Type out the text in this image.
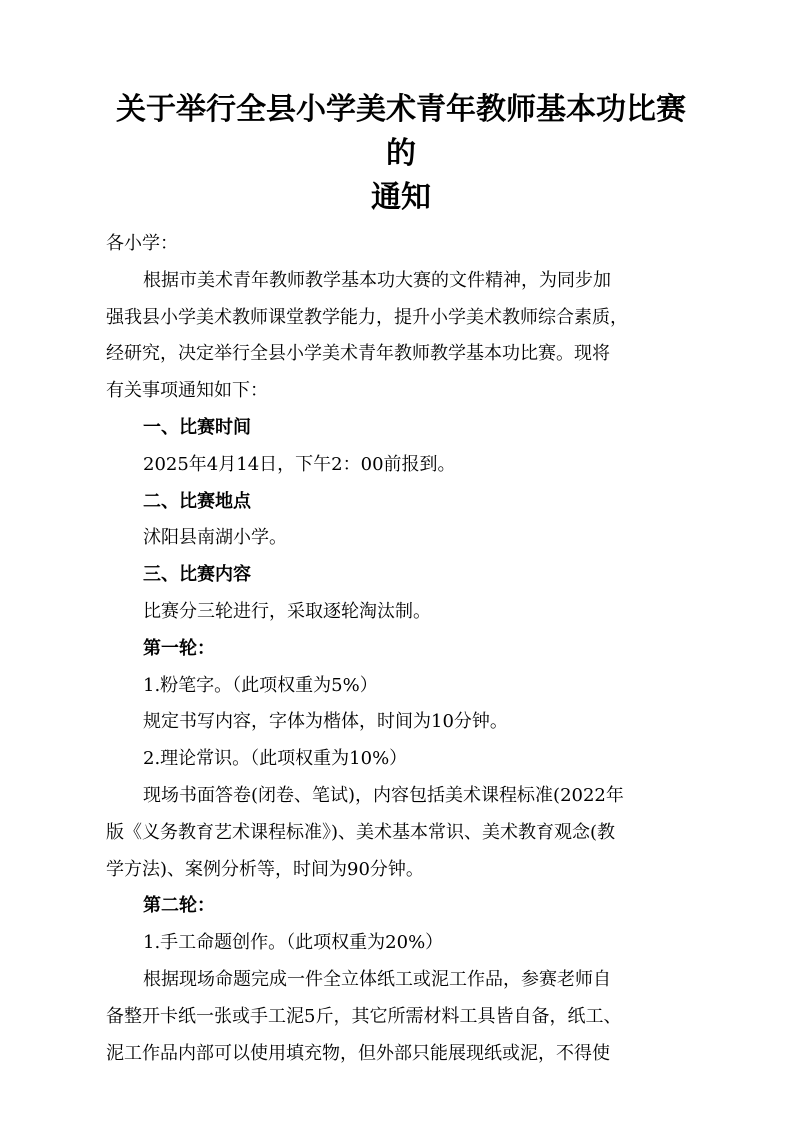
关于举行全县小学美术青年教师基本功比赛的
通知

各小学：

根据市美术青年教师教学基本功大赛的文件精神，为同步加

强我县小学美术教师课堂教学能力，提升小学美术教师综合素质，

经研究，决定举行全县小学美术青年教师教学基本功比赛。现将

有关事项通知如下：

一、比赛时间

2025年4月14日，下午2：00前报到。

二、比赛地点

沭阳县南湖小学。

三、比赛内容

比赛分三轮进行，采取逐轮淘汰制。

第一轮：

1.粉笔字。（此项权重为5%）

规定书写内容，字体为楷体，时间为10分钟。

2.理论常识。（此项权重为10%）

现场书面答卷(闭卷、笔试)，内容包括美术课程标准(2022年

版《义务教育艺术课程标准》)、美术基本常识、美术教育观念(教

学方法)、案例分析等，时间为90分钟。

第二轮：

1.手工命题创作。（此项权重为20%）

根据现场命题完成一件全立体纸工或泥工作品，参赛老师自

备整开卡纸一张或手工泥5斤，其它所需材料工具皆自备，纸工、

泥工作品内部可以使用填充物，但外部只能展现纸或泥，不得使
